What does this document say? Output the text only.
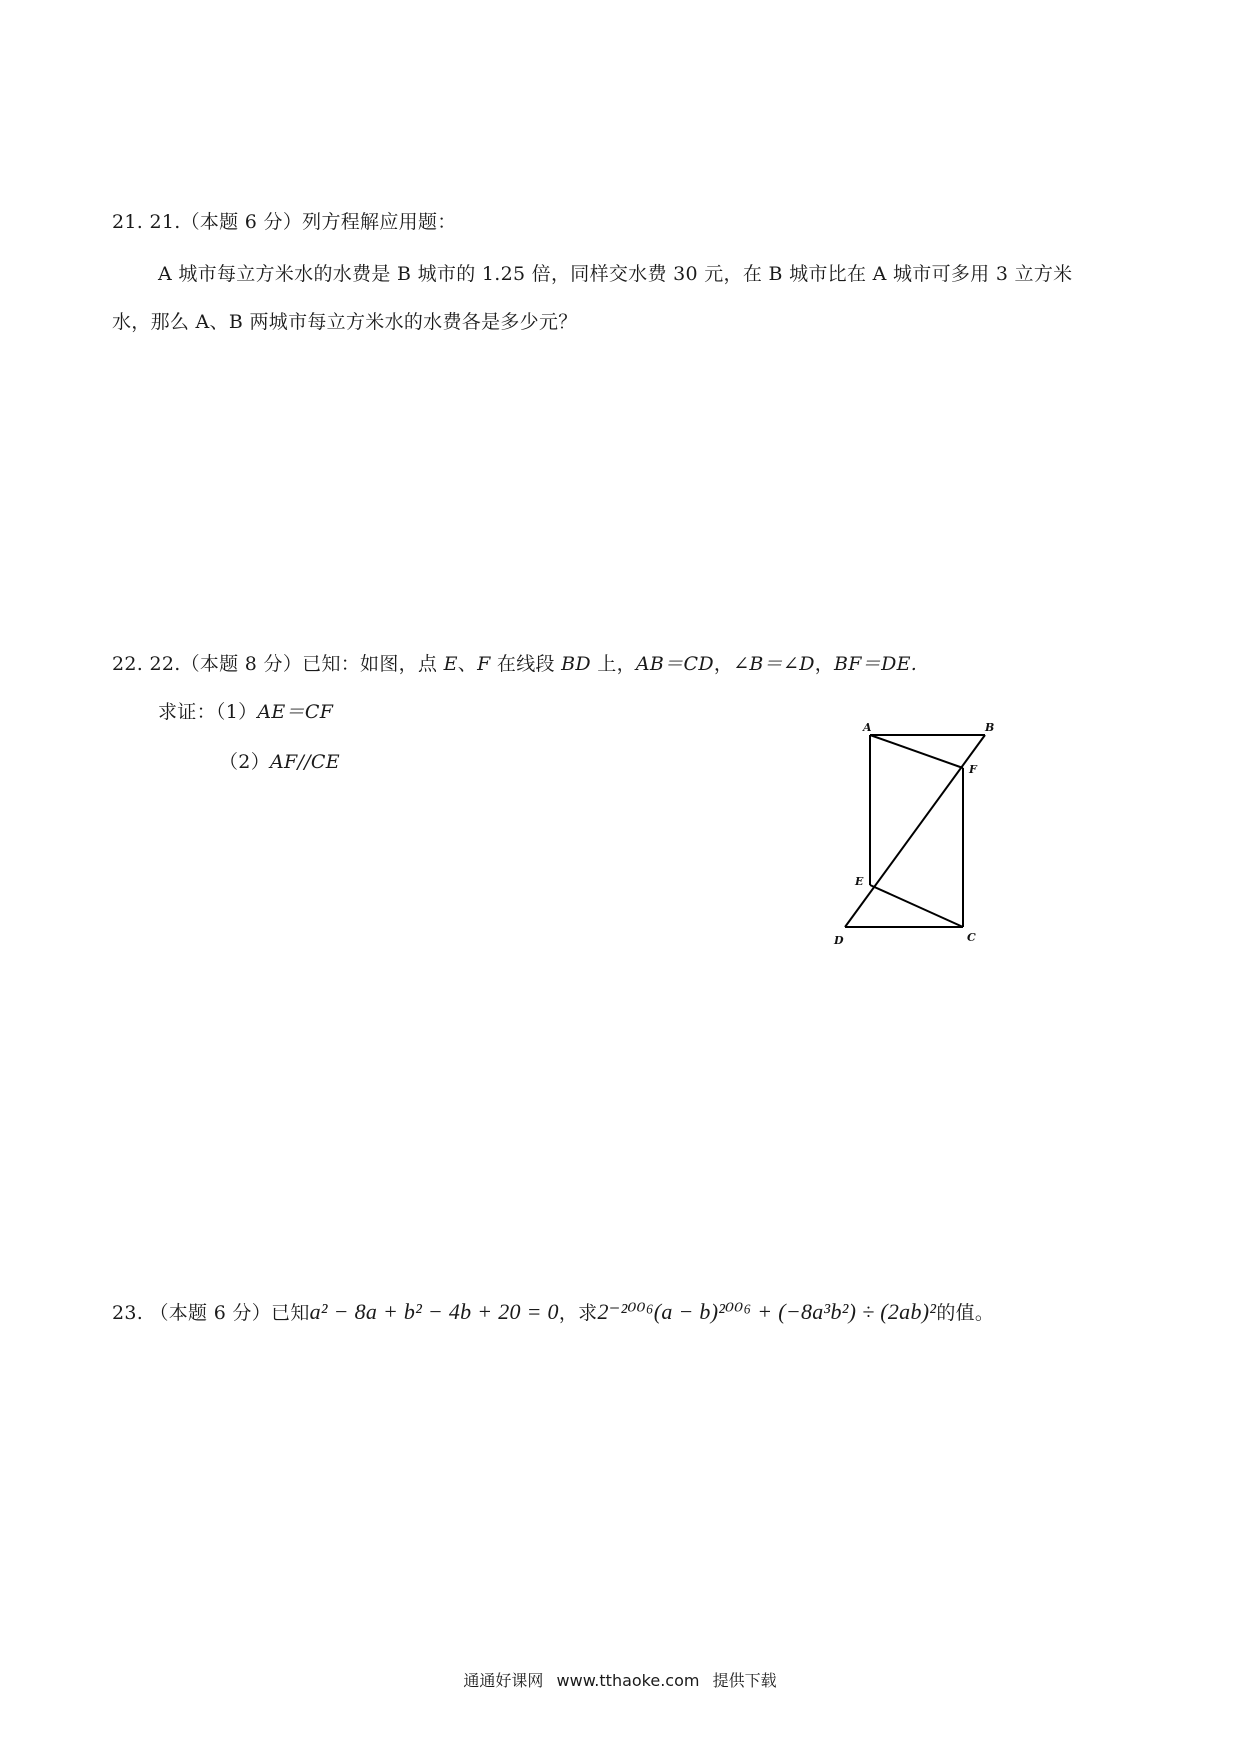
21. 21.（本题 6 分）列方程解应用题：
A 城市每立方米水的水费是 B 城市的 1.25 倍，同样交水费 30 元，在 B 城市比在 A 城市可多用 3 立方米
水，那么 A、B 两城市每立方米水的水费各是多少元？
22. 22.（本题 8 分）已知：如图，点 E、F 在线段 BD 上，AB＝CD，∠B＝∠D，BF＝DE.
求证：（1）AE＝CF
（2）AF//CE
A	B
F
E
D	C
23. （本题 6 分）已知a² − 8a + b² − 4b + 20 = 0，求2⁻²⁰⁰⁶(a − b)²⁰⁰⁶ + (−8a³b²) ÷ (2ab)²的值。
通通好课网 www.tthaoke.com 提供下载
